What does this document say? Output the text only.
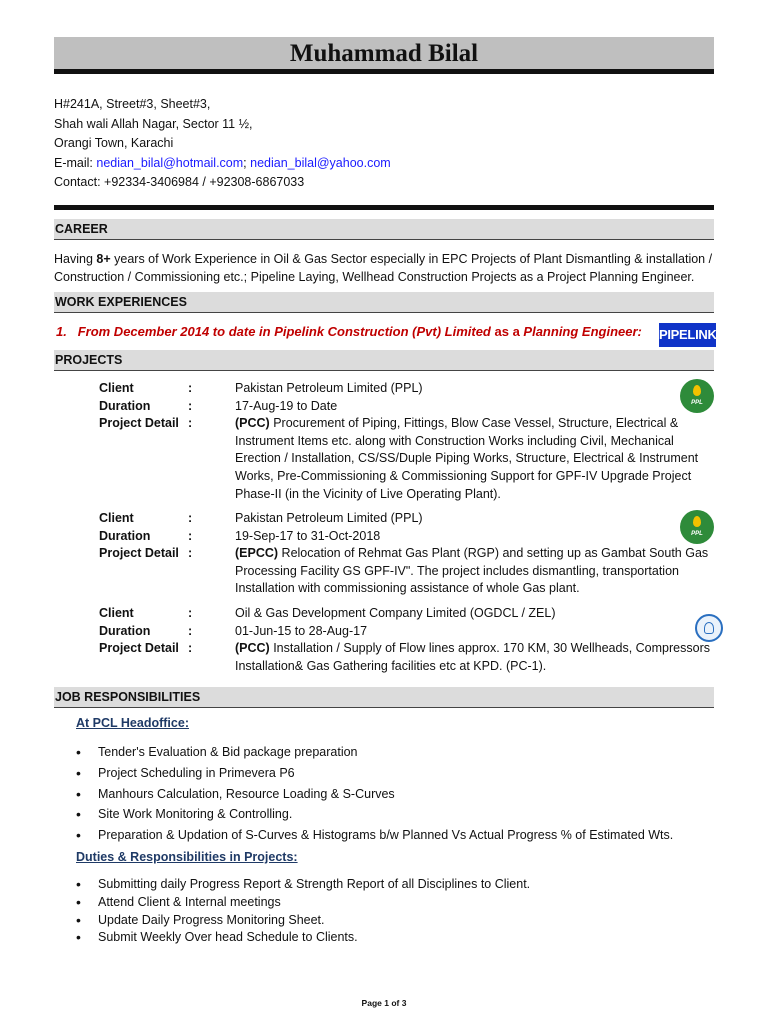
Muhammad Bilal
H#241A, Street#3, Sheet#3,
Shah wali Allah Nagar, Sector 11 ½,
Orangi Town, Karachi
E-mail: nedian_bilal@hotmail.com; nedian_bilal@yahoo.com
Contact: +92334-3406984 / +92308-6867033
CAREER
Having 8+ years of Work Experience in Oil & Gas Sector especially in EPC Projects of Plant Dismantling & installation / Construction / Commissioning etc.; Pipeline Laying, Wellhead Construction Projects as a Project Planning Engineer.
WORK EXPERIENCES
1. From December 2014 to date in Pipelink Construction (Pvt) Limited as a Planning Engineer: PIPELINK
PROJECTS
Client	:	Pakistan Petroleum Limited (PPL)
Duration	:	17-Aug-19 to Date
Project Detail :	(PCC) Procurement of Piping, Fittings, Blow Case Vessel, Structure, Electrical & Instrument Items etc. along with Construction Works including Civil, Mechanical Erection / Installation, CS/SS/Duple Piping Works, Structure, Electrical & Instrument Works, Pre-Commissioning & Commissioning Support for GPF-IV Upgrade Project Phase-II (in the Vicinity of Live Operating Plant).
PPL
Client	:	Pakistan Petroleum Limited (PPL)
Duration	:	19-Sep-17 to 31-Oct-2018
Project Detail :	(EPCC) Relocation of Rehmat Gas Plant (RGP) and setting up as Gambat South Gas Processing Facility GS GPF-IV". The project includes dismantling, transportation Installation with commissioning assistance of whole Gas plant.
PPL
Client	:	Oil & Gas Development Company Limited (OGDCL / ZEL)
Duration	:	01-Jun-15 to 28-Aug-17
Project Detail :	(PCC) Installation / Supply of Flow lines approx. 170 KM, 30 Wellheads, Compressors Installation& Gas Gathering facilities etc at KPD. (PC-1).
JOB RESPONSIBILITIES
At PCL Headoffice:
• Tender's Evaluation & Bid package preparation
• Project Scheduling in Primevera P6
• Manhours Calculation, Resource Loading & S-Curves
• Site Work Monitoring & Controlling.
• Preparation & Updation of S-Curves & Histograms b/w Planned Vs Actual Progress % of Estimated Wts.
Duties & Responsibilities in Projects:
• Submitting daily Progress Report & Strength Report of all Disciplines to Client.
• Attend Client & Internal meetings
• Update Daily Progress Monitoring Sheet.
• Submit Weekly Over head Schedule to Clients.
Page 1 of 3
